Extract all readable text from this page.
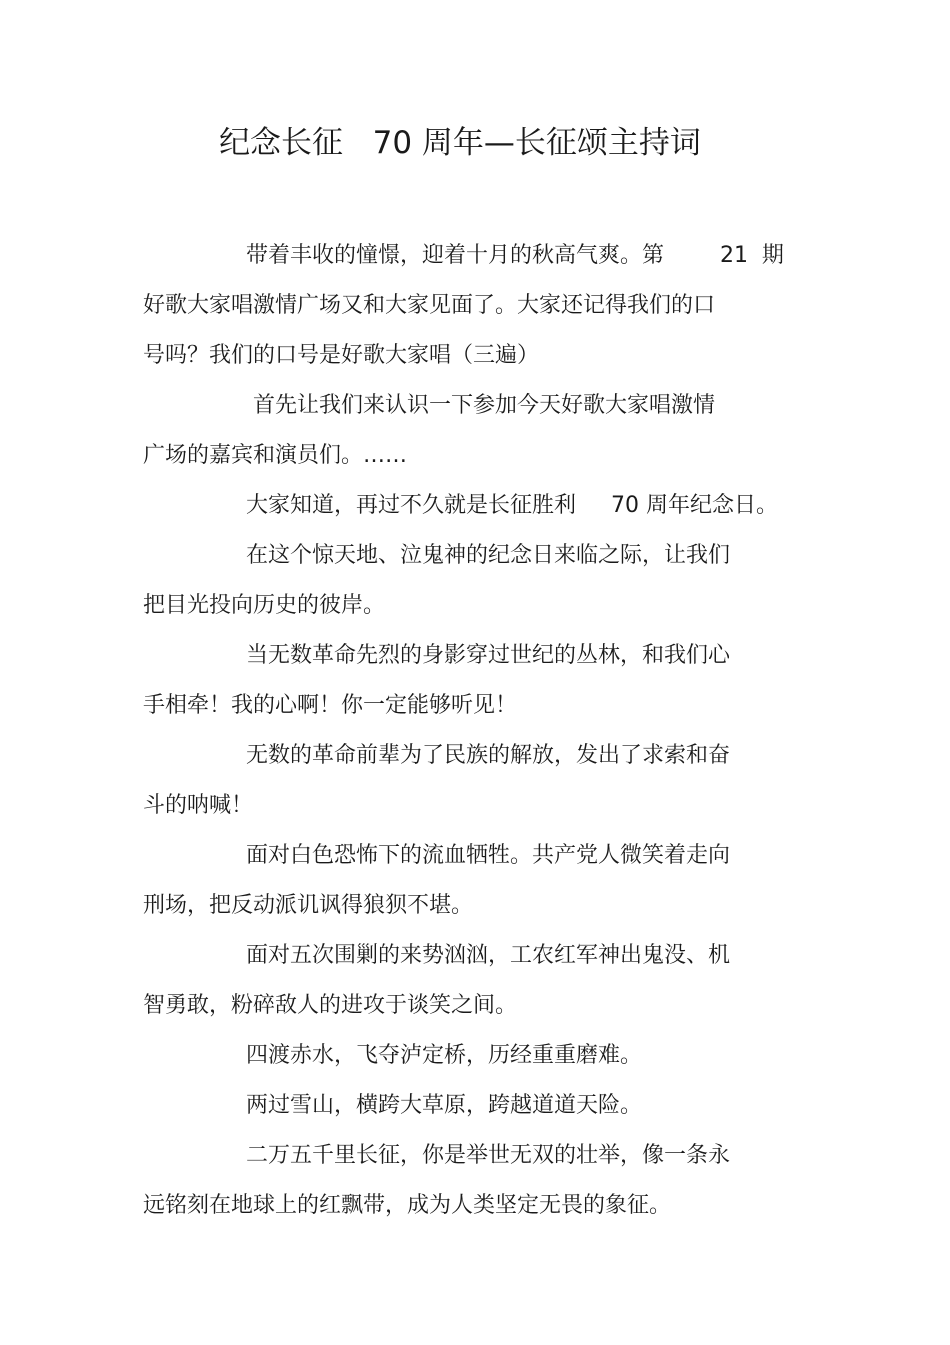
纪念长征   70 周年—长征颂主持词
带着丰收的憧憬，迎着十月的秋高气爽。第        21  期
好歌大家唱激情广场又和大家见面了。大家还记得我们的口
号吗？我们的口号是好歌大家唱（三遍）
首先让我们来认识一下参加今天好歌大家唱激情
广场的嘉宾和演员们。……
大家知道，再过不久就是长征胜利     70 周年纪念日。
在这个惊天地、泣鬼神的纪念日来临之际，让我们
把目光投向历史的彼岸。
当无数革命先烈的身影穿过世纪的丛林，和我们心
手相牵！我的心啊！你一定能够听见！
无数的革命前辈为了民族的解放，发出了求索和奋
斗的呐喊！
面对白色恐怖下的流血牺牲。共产党人微笑着走向
刑场，把反动派讥讽得狼狈不堪。
面对五次围剿的来势汹汹，工农红军神出鬼没、机
智勇敢，粉碎敌人的进攻于谈笑之间。
四渡赤水，飞夺泸定桥，历经重重磨难。
两过雪山，横跨大草原，跨越道道天险。
二万五千里长征，你是举世无双的壮举，像一条永
远铭刻在地球上的红飘带，成为人类坚定无畏的象征。
